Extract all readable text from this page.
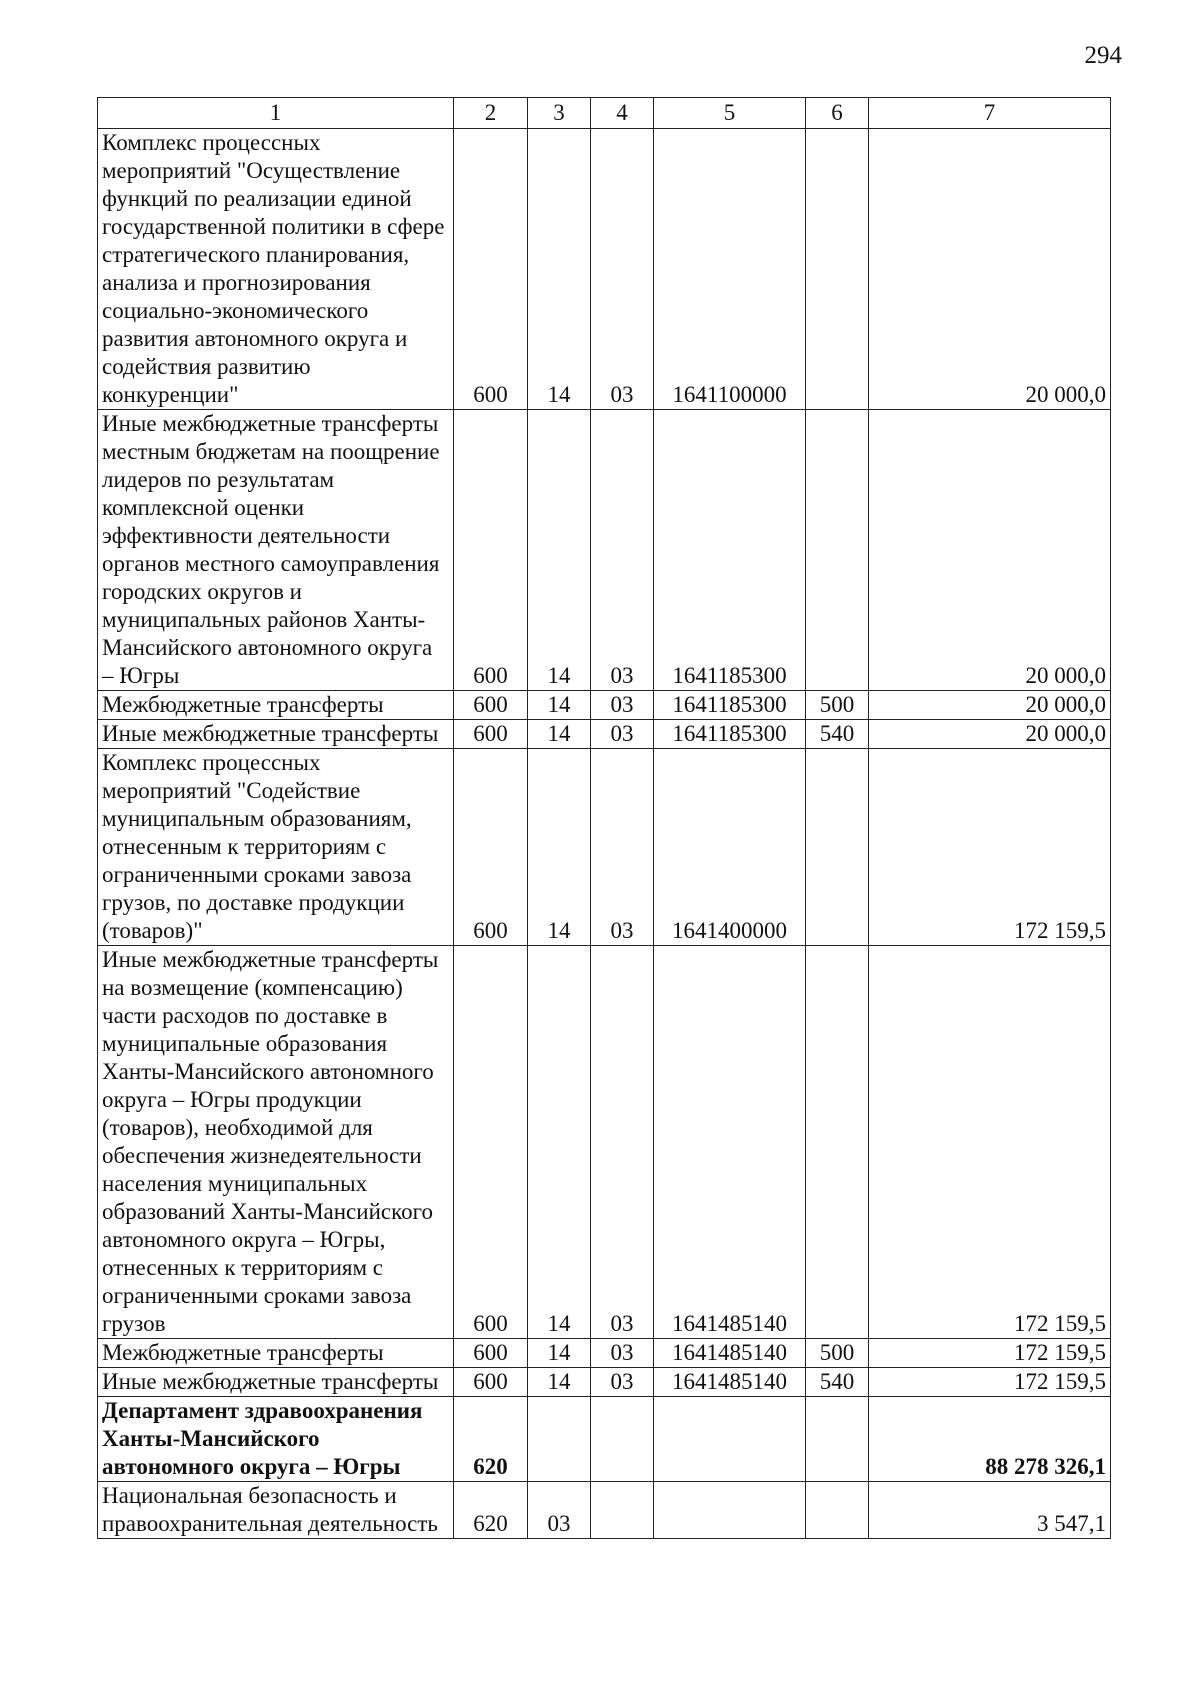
294
1	2	3	4	5	6	7
Комплекс процессных мероприятий "Осуществление функций по реализации единой государственной политики в сфере стратегического планирования, анализа и прогнозирования социально-экономического развития автономного округа и содействия развитию конкуренции"	600	14	03	1641100000		20 000,0
Иные межбюджетные трансферты местным бюджетам на поощрение лидеров по результатам комплексной оценки эффективности деятельности органов местного самоуправления городских округов и муниципальных районов Ханты-Мансийского автономного округа – Югры	600	14	03	1641185300		20 000,0
Межбюджетные трансферты	600	14	03	1641185300	500	20 000,0
Иные межбюджетные трансферты	600	14	03	1641185300	540	20 000,0
Комплекс процессных мероприятий "Содействие муниципальным образованиям, отнесенным к территориям с ограниченными сроками завоза грузов, по доставке продукции (товаров)"	600	14	03	1641400000		172 159,5
Иные межбюджетные трансферты на возмещение (компенсацию) части расходов по доставке в муниципальные образования Ханты-Мансийского автономного округа – Югры продукции (товаров), необходимой для обеспечения жизнедеятельности населения муниципальных образований Ханты-Мансийского автономного округа – Югры, отнесенных к территориям с ограниченными сроками завоза грузов	600	14	03	1641485140		172 159,5
Межбюджетные трансферты	600	14	03	1641485140	500	172 159,5
Иные межбюджетные трансферты	600	14	03	1641485140	540	172 159,5
Департамент здравоохранения Ханты-Мансийского автономного округа – Югры	620					88 278 326,1
Национальная безопасность и правоохранительная деятельность	620	03				3 547,1
